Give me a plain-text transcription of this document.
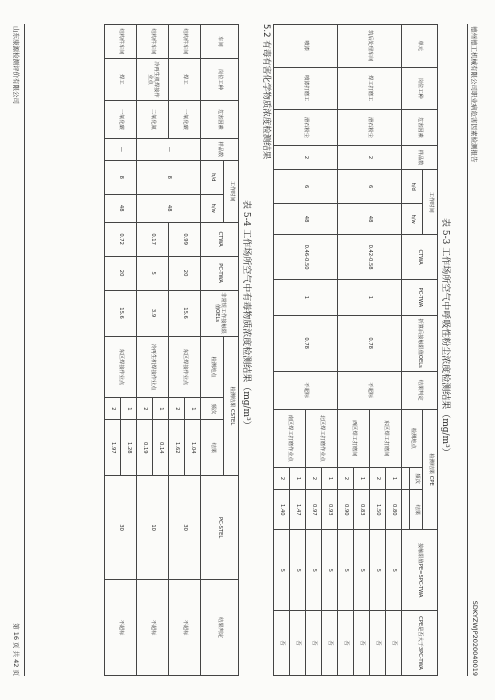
德州德工机械有限公司职业病危害因素检测报告
SDKYZWJP2020040019
表 5-3 工作场所空气中呼吸性粉尘浓度检测结果（mg/m³）
单元	岗位工种	危害因素	样品数	工作时间		CTWA	PC-TWA	折算后接触限值OELs	结果判定	检测结果 CPE			接触限值PE=5PC-TWA	CPE是否大于3PC-TWA
				h/d	h/w					检测地点	频次	结果		

筑后处理车间	焊工打磨工	滑石粉尘	2	6	48	0.42-0.58	1	0.78	不超标	东区焊工打磨间	1	0.80	5	否
											2	1.50	5	否
										西区焊工打磨间	1	0.83	5	否
											2	0.90	5	否
喷漆	喷漆打磨工	滑石粉尘	2	6	48	0.46-0.50	1	0.78	不超标	北区焊工打磨作业点	1	0.93	5	否
											2	0.97	5	否
										南区焊工打磨作业点	1	1.47	5	否
											2	1.40	5	否
5.2 有毒有害化学物质浓度检测结果
表 5-4 工作场所空气中有毒物质浓度检测结果（mg/m³）
车间	岗位工种	危害因素	样品数	工作时间		CTWA	PC-TWA	非常规工作接触限值OELs	检测结果 CSTEL			PC-STEL	结果判定
				h/d	h/w				检测地点	频次	结果		

结构件车间	焊工	一氧化碳	—	8	48	0.99	20	15.6	东区焊接作业点	1	1.04	30	不超标
										2	1.62		
结构件车间	冷再生机焊接作业点	二氧化氮				0.17	5	3.9	冷再生机焊接作业点	1	0.14	10	不超标
										2	0.19		
结构件车间	焊工	一氧化碳	—	8	48	0.72	20	15.6	东区焊接作业点	1	1.28	30	不超标
										2	1.97		
山东康源检测评价有限公司
第 16 页 共 42 页
